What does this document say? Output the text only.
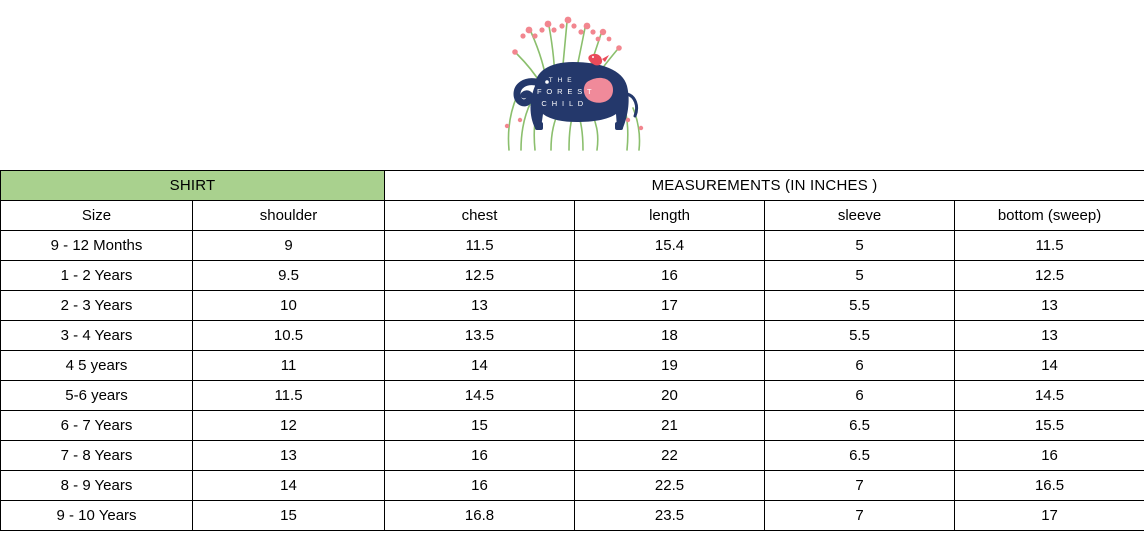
T H E
F O R E S T
C H I L D
SHIRT		MEASUREMENTS (IN INCHES )			
Size	shoulder	chest	length	sleeve	bottom (sweep)
9 - 12 Months	9	11.5	15.4	5	11.5
1 - 2 Years	9.5	12.5	16	5	12.5
2 - 3 Years	10	13	17	5.5	13
3 - 4 Years	10.5	13.5	18	5.5	13
4 5 years	11	14	19	6	14
5-6 years	11.5	14.5	20	6	14.5
6 - 7 Years	12	15	21	6.5	15.5
7 - 8 Years	13	16	22	6.5	16
8 - 9 Years	14	16	22.5	7	16.5
9 - 10 Years	15	16.8	23.5	7	17
